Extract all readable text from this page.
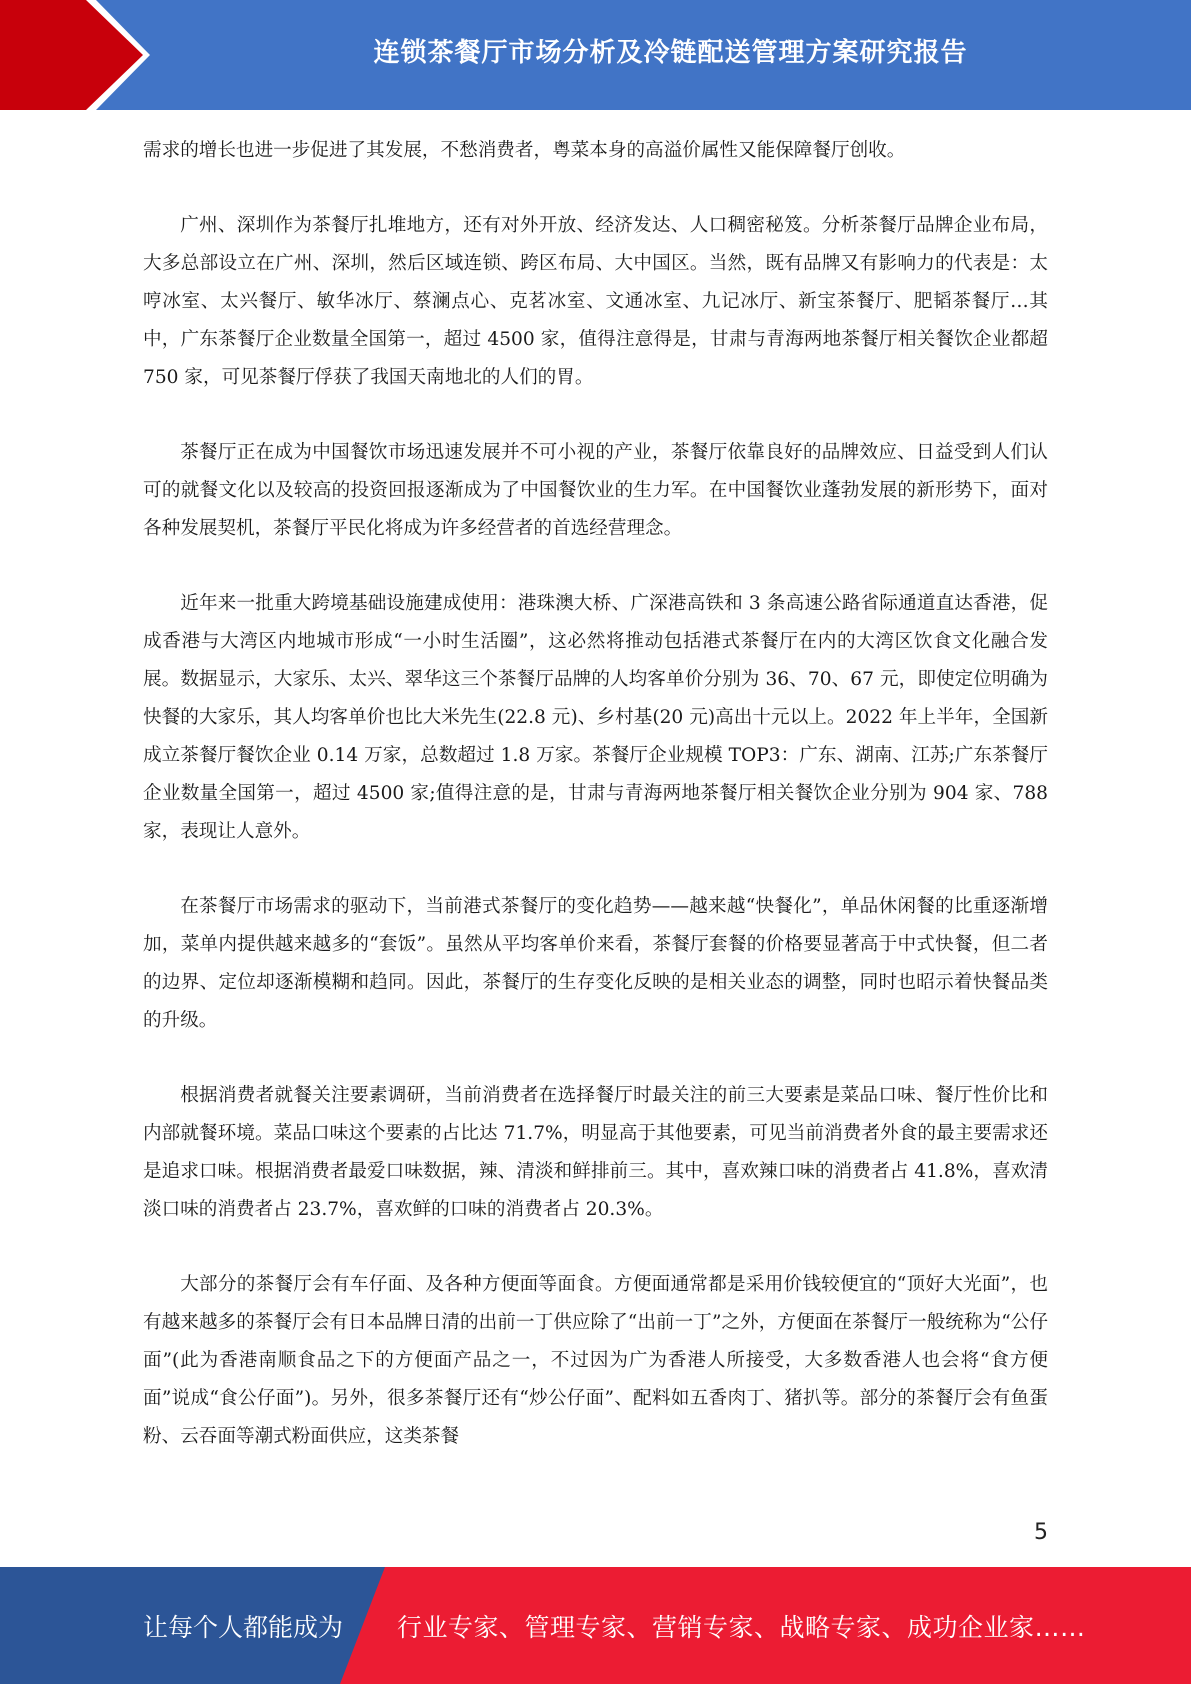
连锁茶餐厅市场分析及冷链配送管理方案研究报告

需求的增长也进一步促进了其发展，不愁消费者，粤菜本身的高溢价属性又能保障餐厅创收。

广州、深圳作为茶餐厅扎堆地方，还有对外开放、经济发达、人口稠密秘笈。分析茶餐厅品牌企业布局，大多总部设立在广州、深圳，然后区域连锁、跨区布局、大中国区。当然，既有品牌又有影响力的代表是：太哼冰室、太兴餐厅、敏华冰厅、蔡澜点心、克茗冰室、文通冰室、九记冰厅、新宝茶餐厅、肥韬茶餐厅…其中，广东茶餐厅企业数量全国第一，超过 4500 家，值得注意得是，甘肃与青海两地茶餐厅相关餐饮企业都超 750 家，可见茶餐厅俘获了我国天南地北的人们的胃。

茶餐厅正在成为中国餐饮市场迅速发展并不可小视的产业，茶餐厅依靠良好的品牌效应、日益受到人们认可的就餐文化以及较高的投资回报逐渐成为了中国餐饮业的生力军。在中国餐饮业蓬勃发展的新形势下，面对各种发展契机，茶餐厅平民化将成为许多经营者的首选经营理念。

近年来一批重大跨境基础设施建成使用：港珠澳大桥、广深港高铁和 3 条高速公路省际通道直达香港，促成香港与大湾区内地城市形成“一小时生活圈”，这必然将推动包括港式茶餐厅在内的大湾区饮食文化融合发展。数据显示，大家乐、太兴、翠华这三个茶餐厅品牌的人均客单价分别为 36、70、67 元，即使定位明确为快餐的大家乐，其人均客单价也比大米先生(22.8 元)、乡村基(20 元)高出十元以上。2022 年上半年，全国新成立茶餐厅餐饮企业 0.14 万家，总数超过 1.8 万家。茶餐厅企业规模 TOP3：广东、湖南、江苏;广东茶餐厅企业数量全国第一，超过 4500 家;值得注意的是，甘肃与青海两地茶餐厅相关餐饮企业分别为 904 家、788 家，表现让人意外。

在茶餐厅市场需求的驱动下，当前港式茶餐厅的变化趋势——越来越“快餐化”，单品休闲餐的比重逐渐增加，菜单内提供越来越多的“套饭”。虽然从平均客单价来看，茶餐厅套餐的价格要显著高于中式快餐，但二者的边界、定位却逐渐模糊和趋同。因此，茶餐厅的生存变化反映的是相关业态的调整，同时也昭示着快餐品类的升级。

根据消费者就餐关注要素调研，当前消费者在选择餐厅时最关注的前三大要素是菜品口味、餐厅性价比和内部就餐环境。菜品口味这个要素的占比达 71.7%，明显高于其他要素，可见当前消费者外食的最主要需求还是追求口味。根据消费者最爱口味数据，辣、清淡和鲜排前三。其中，喜欢辣口味的消费者占 41.8%，喜欢清淡口味的消费者占 23.7%，喜欢鲜的口味的消费者占 20.3%。

大部分的茶餐厅会有车仔面、及各种方便面等面食。方便面通常都是采用价钱较便宜的“顶好大光面”，也有越来越多的茶餐厅会有日本品牌日清的出前一丁供应除了“出前一丁”之外，方便面在茶餐厅一般统称为“公仔面”(此为香港南顺食品之下的方便面产品之一，不过因为广为香港人所接受，大多数香港人也会将“食方便面”说成“食公仔面”)。另外，很多茶餐厅还有“炒公仔面”、配料如五香肉丁、猪扒等。部分的茶餐厅会有鱼蛋粉、云吞面等潮式粉面供应，这类茶餐

5
让每个人都能成为 行业专家、管理专家、营销专家、战略专家、成功企业家……
